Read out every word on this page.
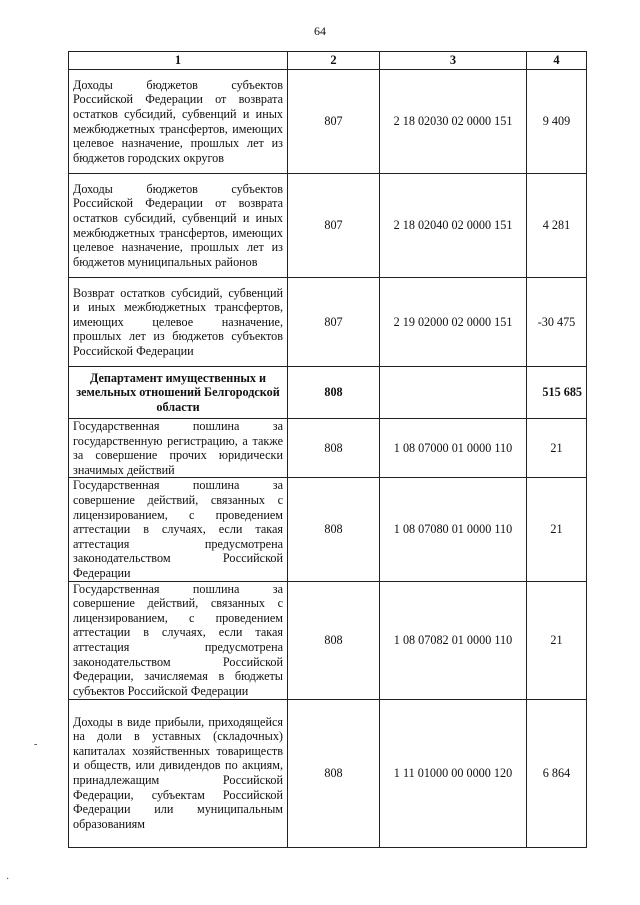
64
1	2	3	4
Доходы бюджетов субъектов Российской Федерации от возврата остатков субсидий, субвенций и иных межбюджетных трансфертов, имеющих целевое назначение, прошлых лет из бюджетов городских округов	807	2 18 02030 02 0000 151	9 409
Доходы бюджетов субъектов Российской Федерации от возврата остатков субсидий, субвенций и иных межбюджетных трансфертов, имеющих целевое назначение, прошлых лет из бюджетов муниципальных районов	807	2 18 02040 02 0000 151	4 281
Возврат остатков субсидий, субвенций и иных межбюджетных трансфертов, имеющих целевое назначение, прошлых лет из бюджетов субъектов Российской Федерации	807	2 19 02000 02 0000 151	-30 475
Департамент имущественных и земельных отношений Белгородской области	808		515 685
Государственная пошлина за государственную регистрацию, а также за совершение прочих юридически значимых действий	808	1 08 07000 01 0000 110	21
Государственная пошлина за совершение действий, связанных с лицензированием, с проведением аттестации в случаях, если такая аттестация предусмотрена законодательством Российской Федерации	808	1 08 07080 01 0000 110	21
Государственная пошлина за совершение действий, связанных с лицензированием, с проведением аттестации в случаях, если такая аттестация предусмотрена законодательством Российской Федерации, зачисляемая в бюджеты субъектов Российской Федерации	808	1 08 07082 01 0000 110	21
Доходы в виде прибыли, приходящейся на доли в уставных (складочных) капиталах хозяйственных товариществ и обществ, или дивидендов по акциям, принадлежащим Российской Федерации, субъектам Российской Федерации или муниципальным образованиям	808	1 11 01000 00 0000 120	6 864
‐
·
